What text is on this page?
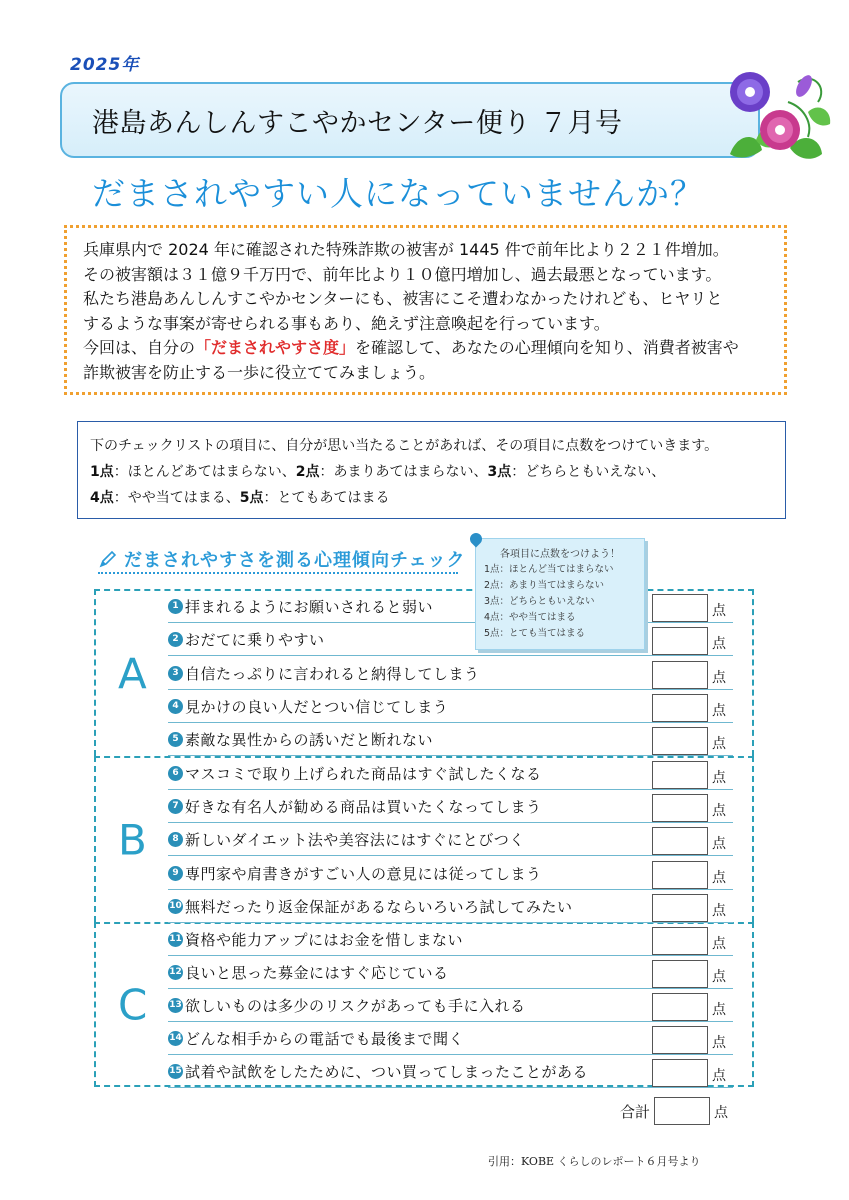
2025年
港島あんしんすこやかセンター便り ７月号
だまされやすい人になっていませんか？

兵庫県内で 2024 年に確認された特殊詐欺の被害が 1445 件で前年比より２２１件増加。

その被害額は３１億９千万円で、前年比より１０億円増加し、過去最悪となっています。

私たち港島あんしんすこやかセンターにも、被害にこそ遭わなかったけれども、ヒヤリと

するような事案が寄せられる事もあり、絶えず注意喚起を行っています。

今回は、自分の「だまされやすさ度」を確認して、あなたの心理傾向を知り、消費者被害や

詐欺被害を防止する一歩に役立ててみましょう。

下のチェックリストの項目に、自分が思い当たることがあれば、その項目に点数をつけていきます。

1点：ほとんどあてはまらない、2点：あまりあてはまらない、3点：どちらともいえない、

4点：やや当てはまる、5点：とてもあてはまる

だまされやすさを測る心理傾向チェック	各項目に点数をつけよう！
1点：ほとんど当てはまらない
2点：あまり当てはまらない
3点：どちらともいえない
4点：やや当てはまる
5点：とても当てはまる
A
B
C
1 拝まれるようにお願いされると弱い	点
2 おだてに乗りやすい	点
3 自信たっぷりに言われると納得してしまう	点
4 見かけの良い人だとつい信じてしまう	点
5 素敵な異性からの誘いだと断れない	点
6 マスコミで取り上げられた商品はすぐ試したくなる	点
7 好きな有名人が勧める商品は買いたくなってしまう	点
8 新しいダイエット法や美容法にはすぐにとびつく	点
9 専門家や肩書きがすごい人の意見には従ってしまう	点
10 無料だったり返金保証があるならいろいろ試してみたい	点
11 資格や能力アップにはお金を惜しまない	点
12 良いと思った募金にはすぐ応じている	点
13 欲しいものは多少のリスクがあっても手に入れる	点
14 どんな相手からの電話でも最後まで聞く	点
15 試着や試飲をしたために、つい買ってしまったことがある	点
合計	点
引用：KOBE くらしのレポート６月号より
